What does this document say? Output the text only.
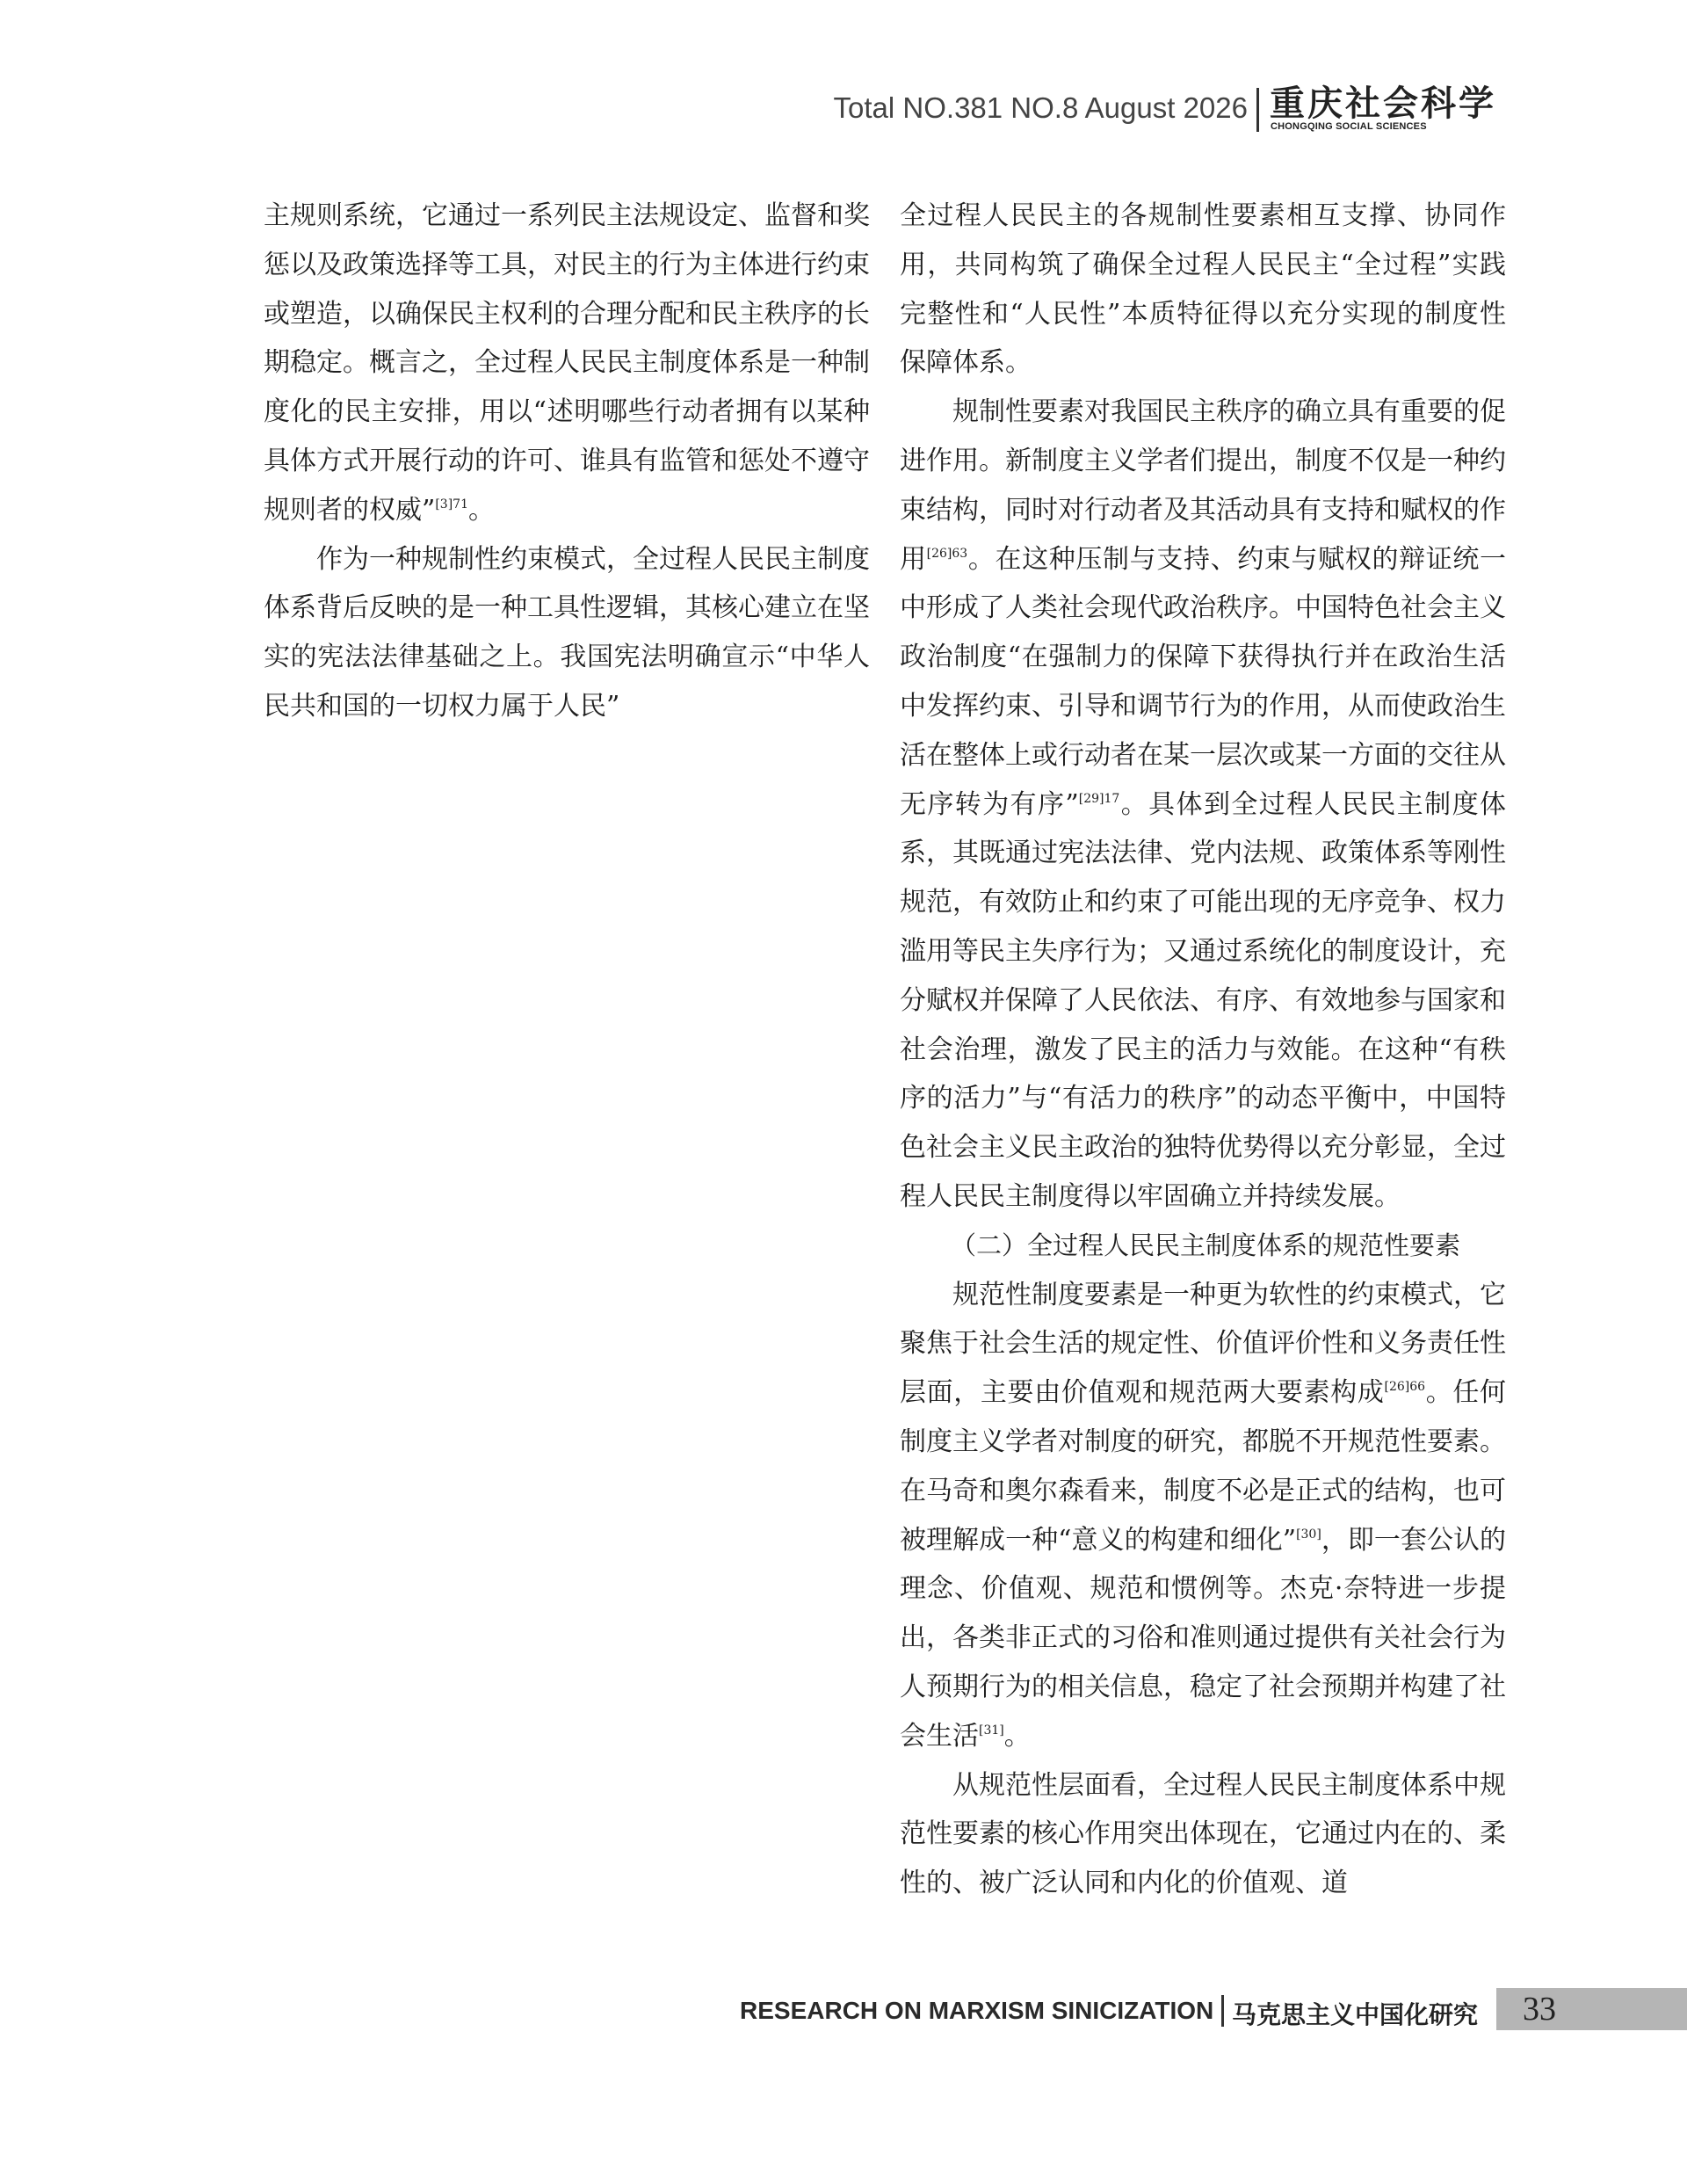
Total NO.381 NO.8 August 2026 重庆社会科学
CHONGQING SOCIAL SCIENCES

主规则系统，它通过一系列民主法规设定、监督和奖惩以及政策选择等工具，对民主的行为主体进行约束或塑造，以确保民主权利的合理分配和民主秩序的长期稳定。概言之，全过程人民民主制度体系是一种制度化的民主安排，用以“述明哪些行动者拥有以某种具体方式开展行动的许可、谁具有监管和惩处不遵守规则者的权威”$^{[3]71}$。

作为一种规制性约束模式，全过程人民民主制度体系背后反映的是一种工具性逻辑，其核心建立在坚实的宪法法律基础之上。我国宪法明确宣示“中华人民共和国的一切权力属于人民”

全过程人民民主的各规制性要素相互支撑、协同作用，共同构筑了确保全过程人民民主“全过程”实践完整性和“人民性”本质特征得以充分实现的制度性保障体系。

规制性要素对我国民主秩序的确立具有重要的促进作用。新制度主义学者们提出，制度不仅是一种约束结构，同时对行动者及其活动具有支持和赋权的作用$^{[26]63}$。在这种压制与支持、约束与赋权的辩证统一中形成了人类社会现代政治秩序。中国特色社会主义政治制度“在强制力的保障下获得执行并在政治生活中发挥约束、引导和调节行为的作用，从而使政治生活在整体上或行动者在某一层次或某一方面的交往从无序转为有序”$^{[29]17}$。具体到全过程人民民主制度体系，其既通过宪法法律、党内法规、政策体系等刚性规范，有效防止和约束了可能出现的无序竞争、权力滥用等民主失序行为；又通过系统化的制度设计，充分赋权并保障了人民依法、有序、有效地参与国家和社会治理，激发了民主的活力与效能。在这种“有秩序的活力”与“有活力的秩序”的动态平衡中，中国特色社会主义民主政治的独特优势得以充分彰显，全过程人民民主制度得以牢固确立并持续发展。

（二）全过程人民民主制度体系的规范性要素

规范性制度要素是一种更为软性的约束模式，它聚焦于社会生活的规定性、价值评价性和义务责任性层面，主要由价值观和规范两大要素构成$^{[26]66}$。任何制度主义学者对制度的研究，都脱不开规范性要素。在马奇和奥尔森看来，制度不必是正式的结构，也可被理解成一种“意义的构建和细化”[30]，即一套公认的理念、价值观、规范和惯例等。杰克·奈特进一步提出，各类非正式的习俗和准则通过提供有关社会行为人预期行为的相关信息，稳定了社会预期并构建了社会生活[31]。

从规范性层面看，全过程人民民主制度体系中规范性要素的核心作用突出体现在，它通过内在的、柔性的、被广泛认同和内化的价值观、道

RESEARCH ON MARXISM SINICIZATION 马克思主义中国化研究 33
